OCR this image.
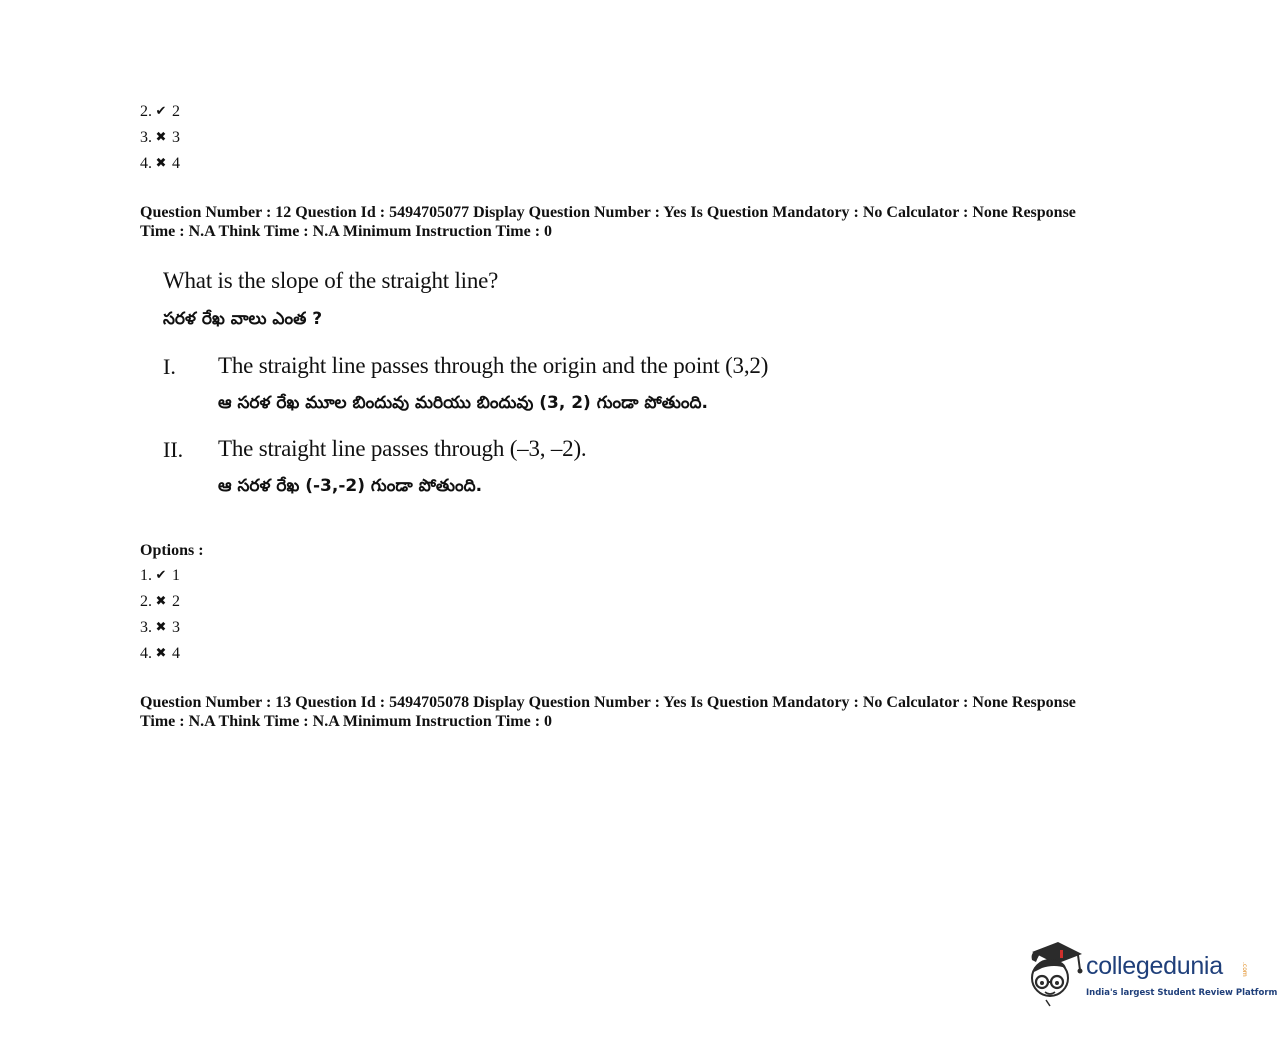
2. ✔ 2
3. ✖ 3
4. ✖ 4
Question Number : 12 Question Id : 5494705077 Display Question Number : Yes Is Question Mandatory : No Calculator : None Response
Time : N.A Think Time : N.A Minimum Instruction Time : 0
What is the slope of the straight line?
సరళ రేఖ వాలు ఎంత ?
I. The straight line passes through the origin and the point (3,2)
ఆ సరళ రేఖ మూల బిందువు మరియు బిందువు (3, 2) గుండా పోతుంది.
II. The straight line passes through (–3, –2).
ఆ సరళ రేఖ (-3,-2) గుండా పోతుంది.
Options :
1. ✔ 1
2. ✖ 2
3. ✖ 3
4. ✖ 4
Question Number : 13 Question Id : 5494705078 Display Question Number : Yes Is Question Mandatory : No Calculator : None Response
Time : N.A Think Time : N.A Minimum Instruction Time : 0
collegedunia	.com
India's largest Student Review Platform
